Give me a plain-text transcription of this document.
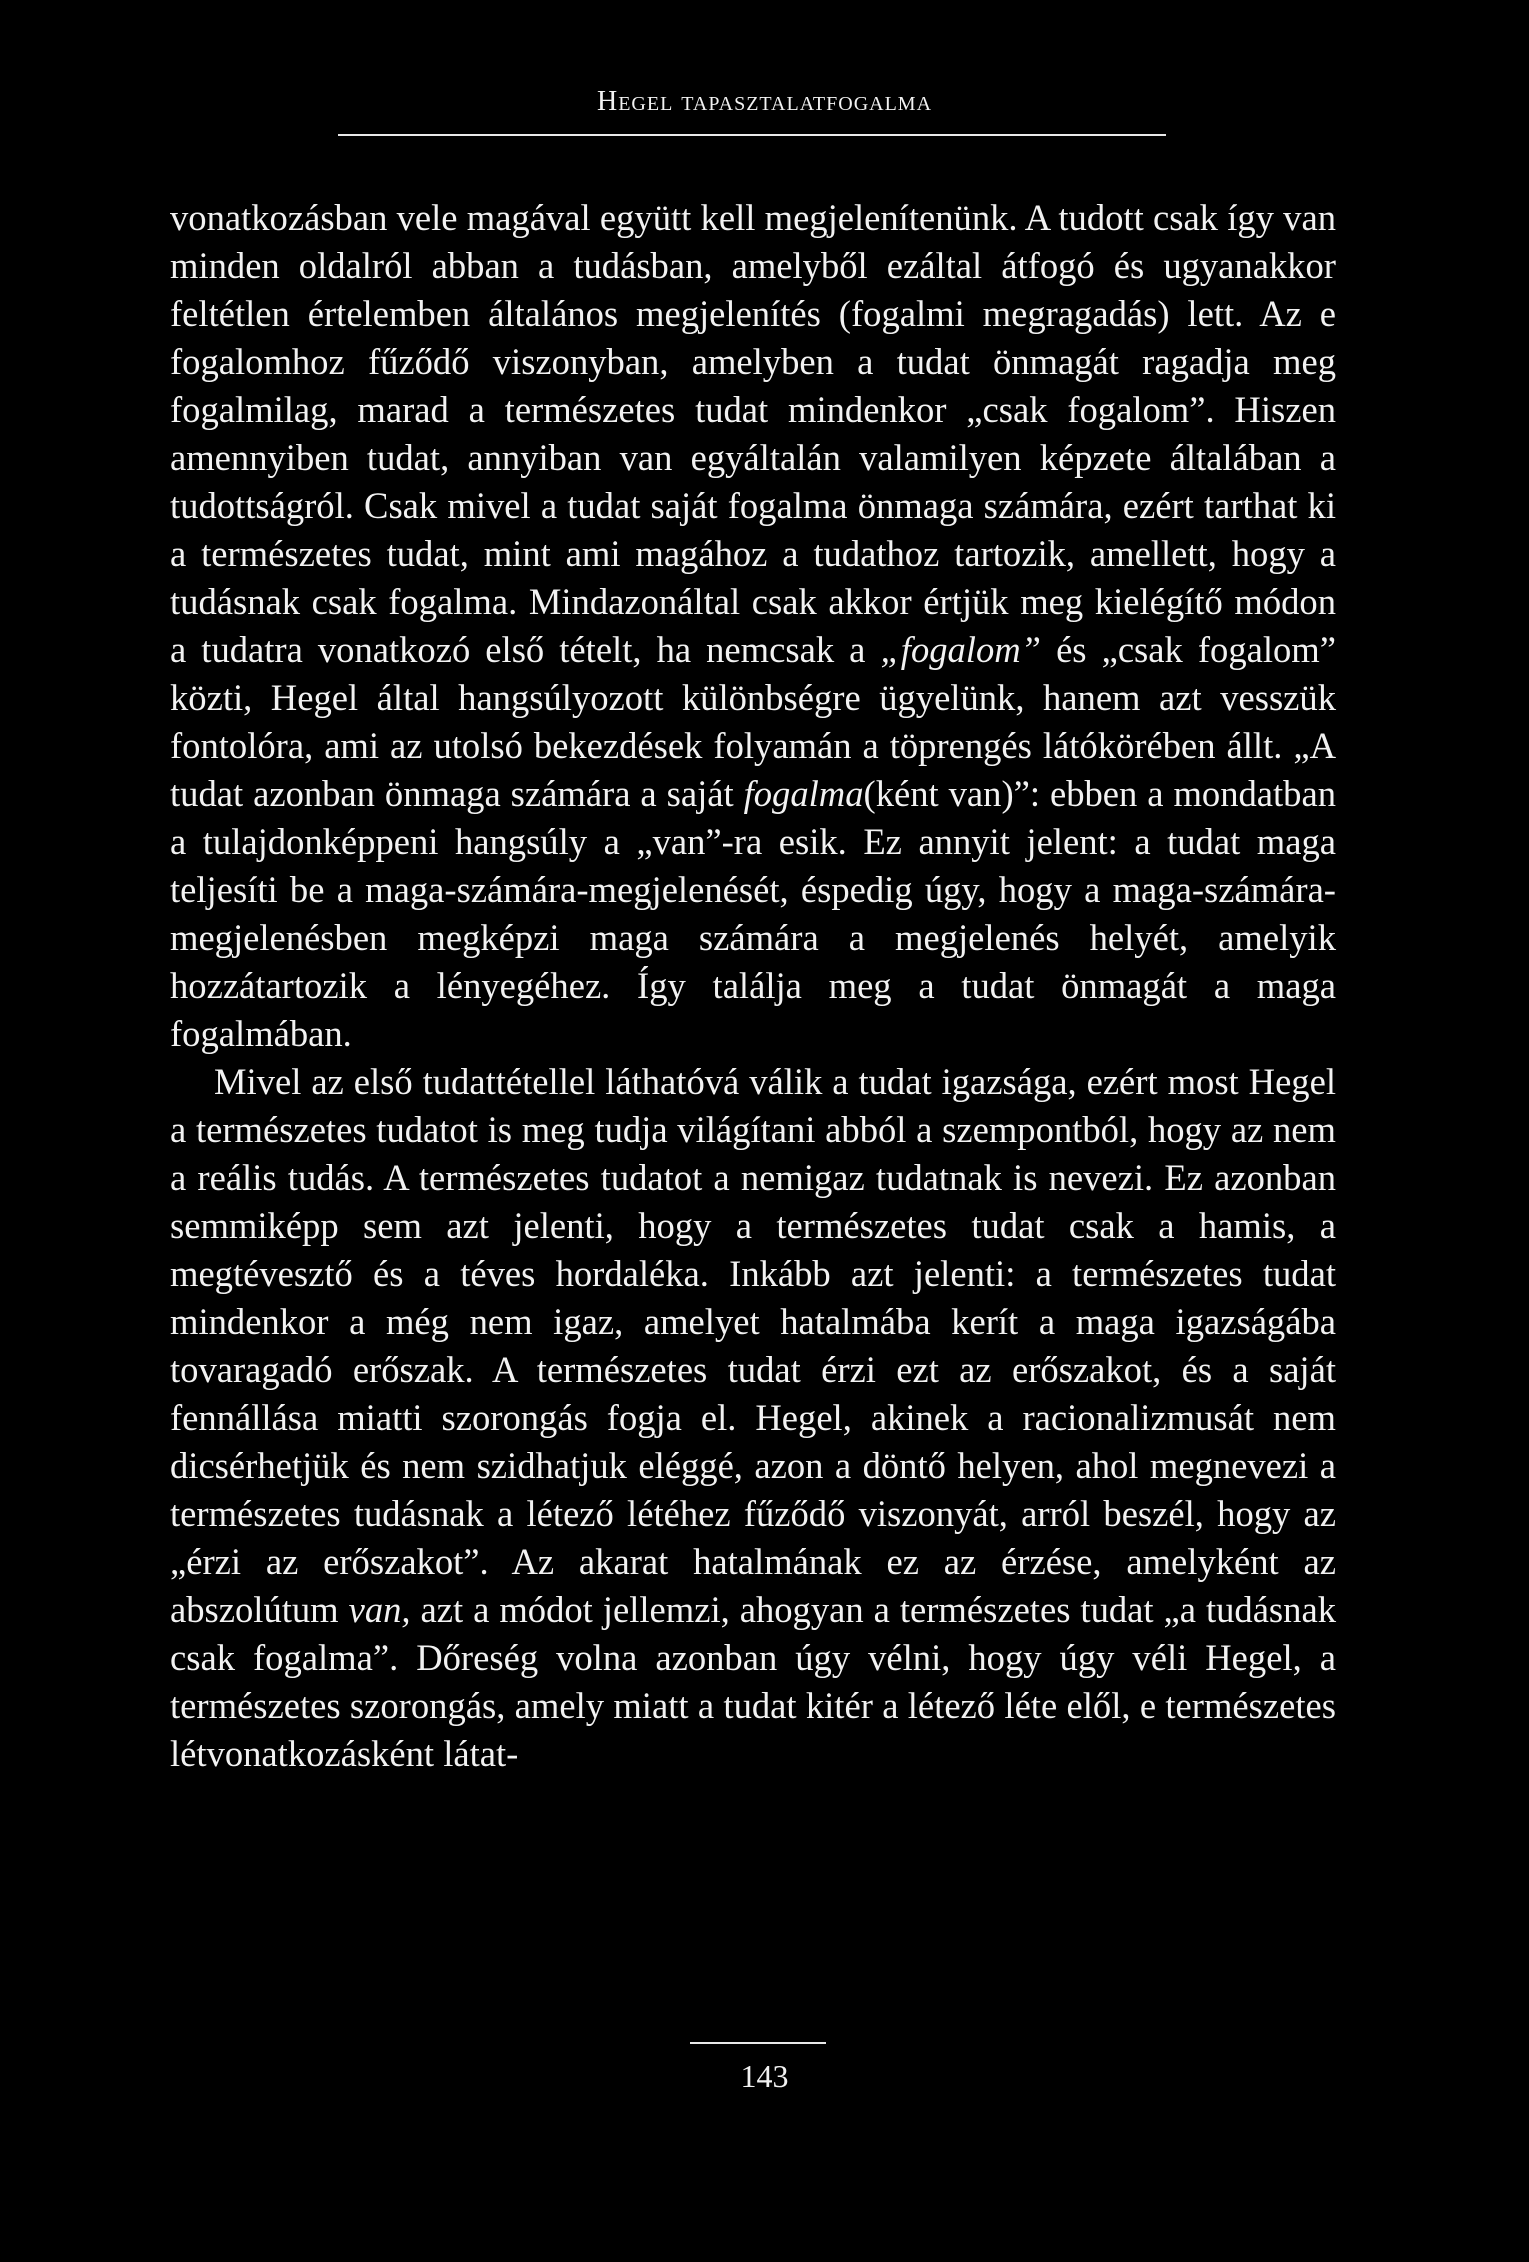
Hegel tapasztalatfogalma

vonatkozásban vele magával együtt kell megjelenítenünk. A tudott csak így van minden oldalról abban a tudásban, amelyből ezáltal átfogó és ugyanakkor feltétlen értelemben általános megjelenítés (fogalmi megragadás) lett. Az e fogalomhoz fűződő viszonyban, amelyben a tudat önmagát ragadja meg fogalmilag, marad a természetes tudat mindenkor „csak fogalom”. Hiszen amennyiben tudat, annyiban van egyáltalán valamilyen képzete általában a tudottságról. Csak mivel a tudat saját fogalma önmaga számára, ezért tarthat ki a természetes tudat, mint ami magához a tudathoz tartozik, amellett, hogy a tudásnak csak fogalma. Mindazonáltal csak akkor értjük meg kielégítő módon a tudatra vonatkozó első tételt, ha nemcsak a „fogalom” és „csak fogalom” közti, Hegel által hangsúlyozott különbségre ügyelünk, hanem azt vesszük fontolóra, ami az utolsó bekezdések folyamán a töprengés látókörében állt. „A tudat azonban önmaga számára a saját fogalma(ként van)”: ebben a mondatban a tulajdonképpeni hangsúly a „van”-ra esik. Ez annyit jelent: a tudat maga teljesíti be a maga-számára-megjelenését, éspedig úgy, hogy a maga-számára-megjelenésben megképzi maga számára a megjelenés helyét, amelyik hozzátartozik a lényegéhez. Így találja meg a tudat önmagát a maga fogalmában.

Mivel az első tudattétellel láthatóvá válik a tudat igazsága, ezért most Hegel a természetes tudatot is meg tudja világítani abból a szempontból, hogy az nem a reális tudás. A természetes tudatot a nemigaz tudatnak is nevezi. Ez azonban semmiképp sem azt jelenti, hogy a természetes tudat csak a hamis, a megtévesztő és a téves hordaléka. Inkább azt jelenti: a természetes tudat mindenkor a még nem igaz, amelyet hatalmába kerít a maga igazságába tovaragadó erőszak. A természetes tudat érzi ezt az erőszakot, és a saját fennállása miatti szorongás fogja el. Hegel, akinek a racionalizmusát nem dicsérhetjük és nem szidhatjuk eléggé, azon a döntő helyen, ahol megnevezi a természetes tudásnak a létező létéhez fűződő viszonyát, arról beszél, hogy az „érzi az erőszakot”. Az akarat hatalmának ez az érzése, amelyként az abszolútum van, azt a módot jellemzi, ahogyan a természetes tudat „a tudásnak csak fogalma”. Dőreség volna azonban úgy vélni, hogy úgy véli Hegel, a természetes szorongás, amely miatt a tudat kitér a létező léte elől, e természetes létvonatkozásként látat-

143
